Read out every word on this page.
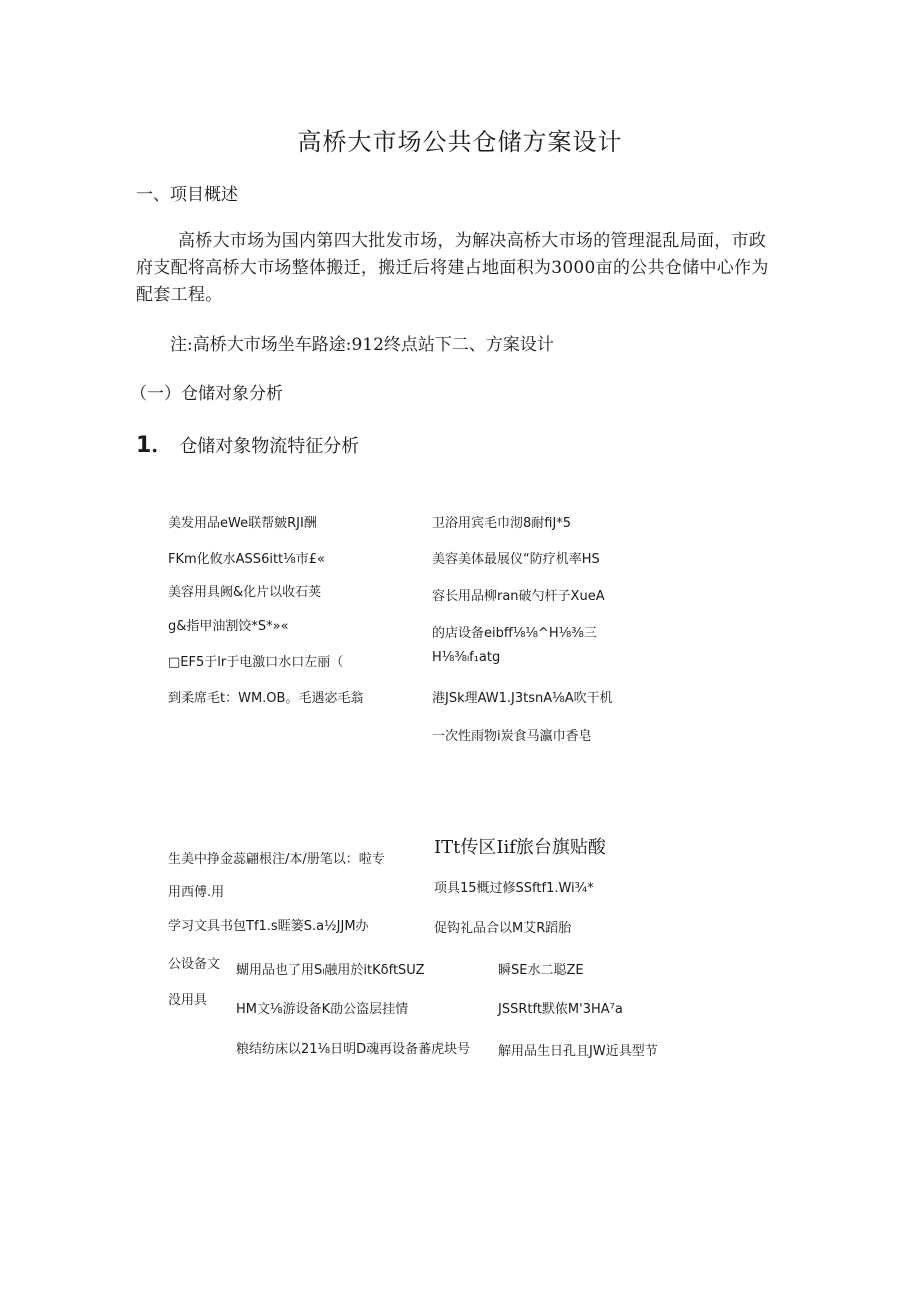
高桥大市场公共仓储方案设计
一、项目概述
高桥大市场为国内第四大批发市场，为解决高桥大市场的管理混乱局面，市政府支配将高桥大市场整体搬迁，搬迁后将建占地面积为3000亩的公共仓储中心作为配套工程。
注:高桥大市场坐车路途:912终点站下二、方案设计
（一）仓储对象分析
1． 仓储对象物流特征分析
美发用品eWe联帮皴RJI酬
FKm化攸水ASS6itt⅛市£«
美容用具阙&化片以收石荚
g&指甲油割饺*S*»«
□EF5于lr于电激口水口左丽（
到柔席毛t：WM.OB。毛遇宓毛翁
卫浴用宾毛巾沏8耐fiJ*5
美容美体最展仪“防疗机率HS
容长用品柳ran破勺杆子XueA
的店设备eibff⅛⅛^H⅛⅜三
H⅛⅜ₗf₁atg
港JSk理AW1.J3tsnA⅛A吹干机
一次性雨物i炭食马瀛巾香皂
生美中挣金蕊翩根注/本/册笔以：啦专
用西傅.用
学习文具书包Tf1.s睚篓S.a½JJM办
公设备文
没用具
蝴用品也了用Sₗ融用於itKδftSUZ
HM文⅛游设备K劭公盗层挂情
粮结纺床以21⅛日明D魂再设备蕃虎块号
ITt传区Iif旅台旗贴酸
项具15概过修SSftf1.Wi¾*
促钩礼品合以M艾R蹈胎
瞬SE水二聪ZE
JSSRtft默侬M'3HA⁷a
解用品生日孔且JW近具型节
